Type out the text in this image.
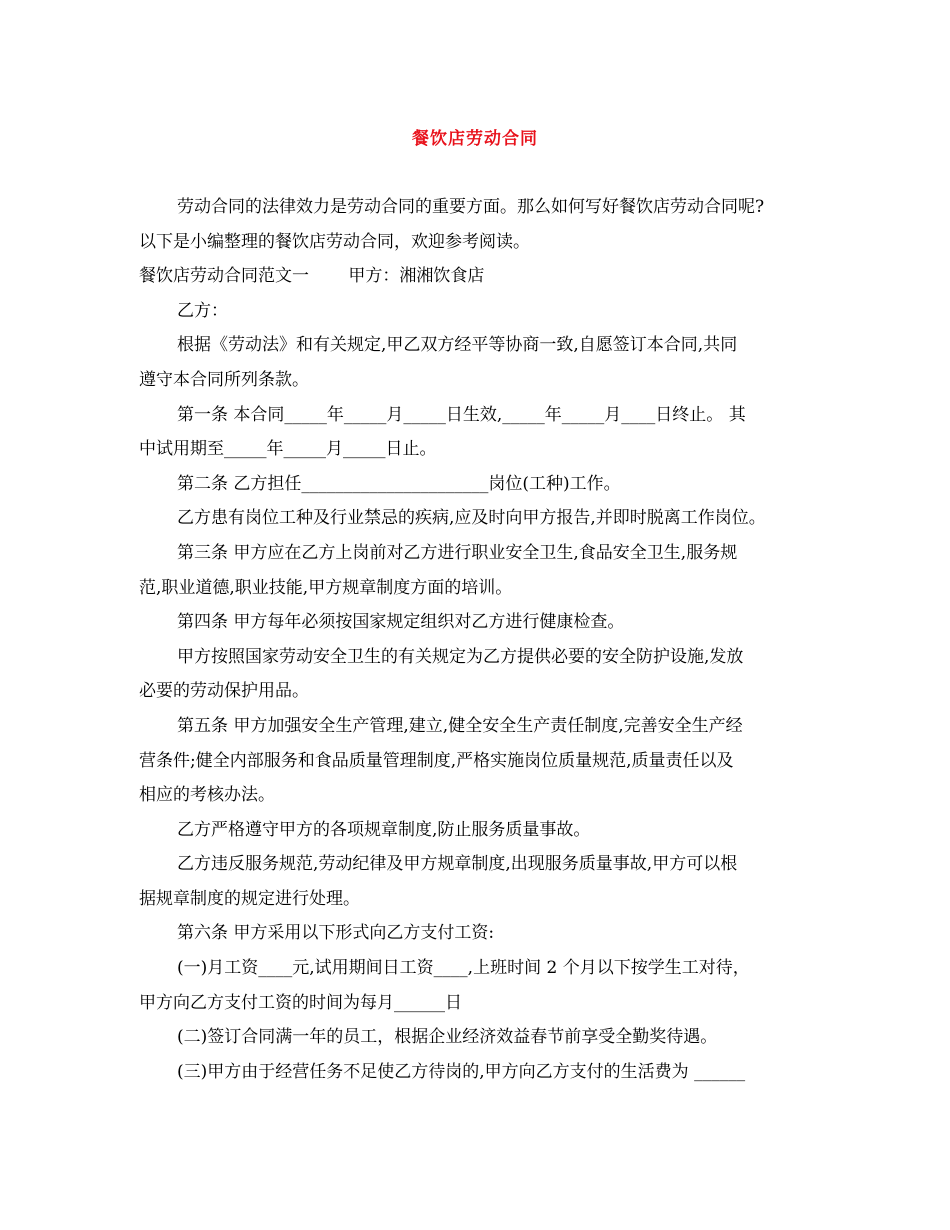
餐饮店劳动合同
劳动合同的法律效力是劳动合同的重要方面。那么如何写好餐饮店劳动合同呢?
以下是小编整理的餐饮店劳动合同，欢迎参考阅读。
餐饮店劳动合同范文一　　 甲方：湘湘饮食店
乙方：
根据《劳动法》和有关规定,甲乙双方经平等协商一致,自愿签订本合同,共同
遵守本合同所列条款。
第一条 本合同_____年_____月_____日生效,_____年_____月____日终止。 其
中试用期至_____年_____月_____日止。
第二条 乙方担任______________________岗位(工种)工作。
乙方患有岗位工种及行业禁忌的疾病,应及时向甲方报告,并即时脱离工作岗位。
第三条 甲方应在乙方上岗前对乙方进行职业安全卫生,食品安全卫生,服务规
范,职业道德,职业技能,甲方规章制度方面的培训。
第四条 甲方每年必须按国家规定组织对乙方进行健康检查。
甲方按照国家劳动安全卫生的有关规定为乙方提供必要的安全防护设施,发放
必要的劳动保护用品。
第五条 甲方加强安全生产管理,建立,健全安全生产责任制度,完善安全生产经
营条件;健全内部服务和食品质量管理制度,严格实施岗位质量规范,质量责任以及
相应的考核办法。
乙方严格遵守甲方的各项规章制度,防止服务质量事故。
乙方违反服务规范,劳动纪律及甲方规章制度,出现服务质量事故,甲方可以根
据规章制度的规定进行处理。
第六条 甲方采用以下形式向乙方支付工资:
(一)月工资____元,试用期间日工资____,上班时间 2 个月以下按学生工对待，
甲方向乙方支付工资的时间为每月______日
(二)签订合同满一年的员工，根据企业经济效益春节前享受全勤奖待遇。
(三)甲方由于经营任务不足使乙方待岗的,甲方向乙方支付的生活费为 ______
